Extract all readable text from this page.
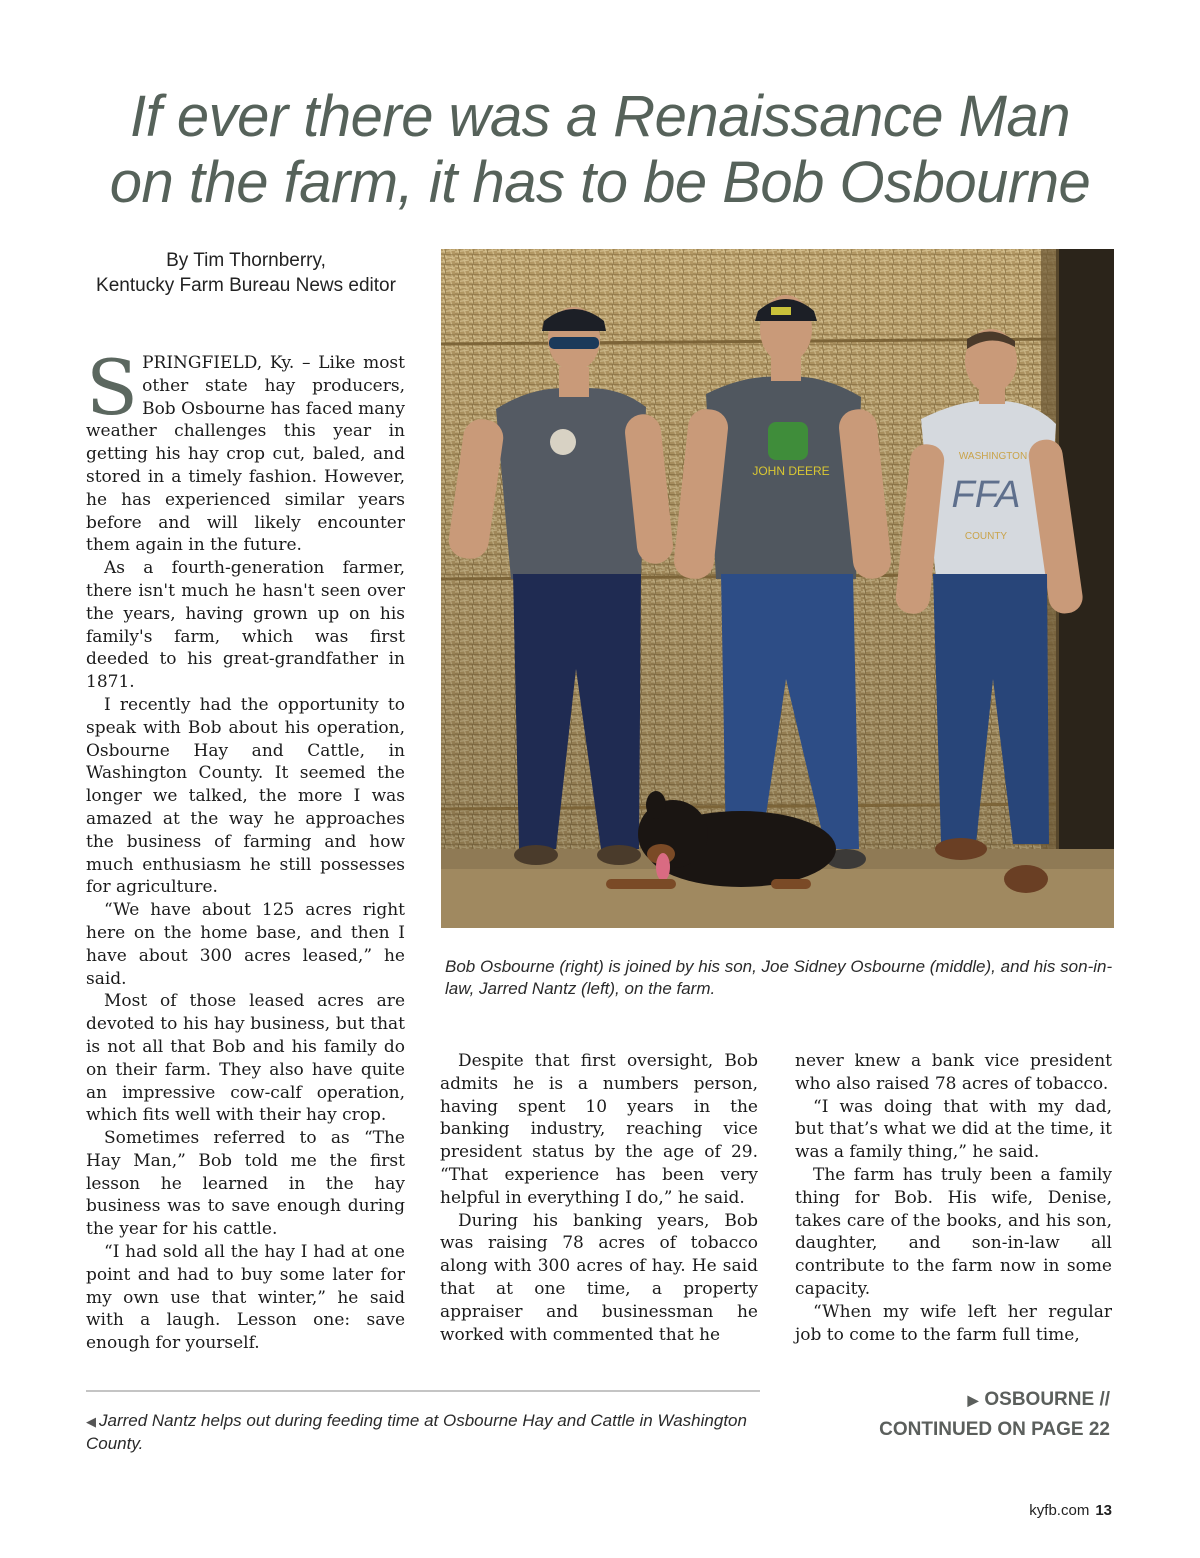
If ever there was a Renaissance Man
on the farm, it has to be Bob Osbourne
By Tim Thornberry,
Kentucky Farm Bureau News editor
S PRINGFIELD, Ky. – Like most other state hay producers, Bob Osbourne has faced many weather challenges this year in getting his hay crop cut, baled, and stored in a timely fashion. However, he has experienced similar years before and will likely encounter them again in the future.

As a fourth-generation farmer, there isn't much he hasn't seen over the years, having grown up on his family's farm, which was first deeded to his great-grandfather in 1871.

I recently had the opportunity to speak with Bob about his operation, Osbourne Hay and Cattle, in Washington County. It seemed the longer we talked, the more I was amazed at the way he approaches the business of farming and how much enthusiasm he still possesses for agriculture.

“We have about 125 acres right here on the home base, and then I have about 300 acres leased,” he said.

Most of those leased acres are devoted to his hay business, but that is not all that Bob and his family do on their farm. They also have quite an impressive cow-calf operation, which fits well with their hay crop.

Sometimes referred to as “The Hay Man,” Bob told me the first lesson he learned in the hay business was to save enough during the year for his cattle.

“I had sold all the hay I had at one point and had to buy some later for my own use that winter,” he said with a laugh. Lesson one: save enough for yourself.

JOHN DEERE
WASHINGTON
FFA
COUNTY
Bob Osbourne (right) is joined by his son, Joe Sidney Osbourne (middle), and his son-in-law, Jarred Nantz (left), on the farm.

Despite that first oversight, Bob admits he is a numbers person, having spent 10 years in the banking industry, reaching vice president status by the age of 29. “That experience has been very helpful in everything I do,” he said.

During his banking years, Bob was raising 78 acres of tobacco along with 300 acres of hay. He said that at one time, a property appraiser and businessman he worked with commented that he

never knew a bank vice president who also raised 78 acres of tobacco.

“I was doing that with my dad, but that’s what we did at the time, it was a family thing,” he said.

The farm has truly been a family thing for Bob. His wife, Denise, takes care of the books, and his son, daughter, and son-in-law all contribute to the farm now in some capacity.

“When my wife left her regular job to come to the farm full time,

◀ Jarred Nantz helps out during feeding time at Osbourne Hay and Cattle in Washington County.
▶ OSBOURNE //
CONTINUED ON PAGE 22
kyfb.com 13
